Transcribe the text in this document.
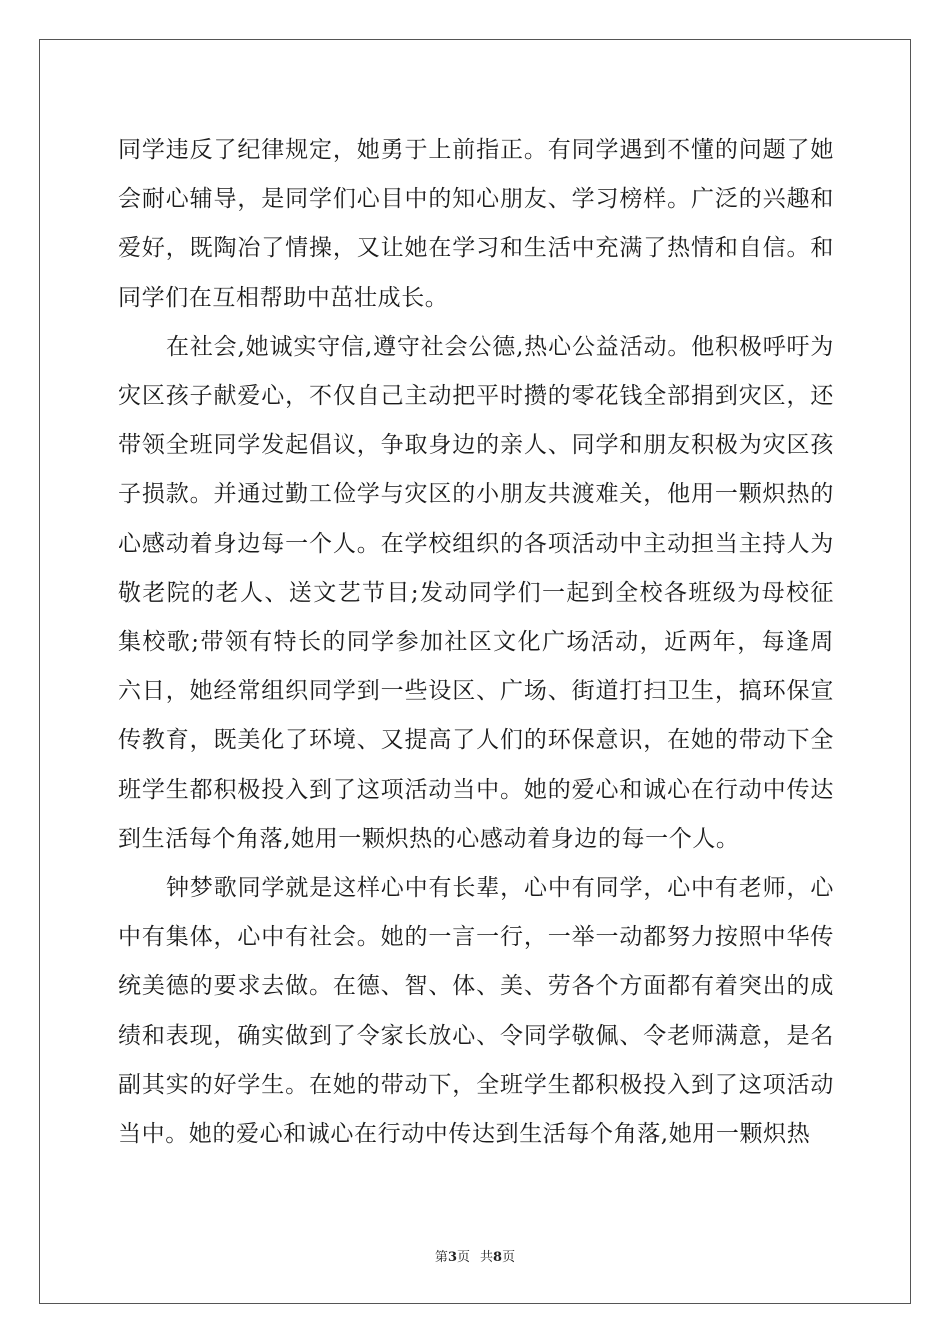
同学违反了纪律规定，她勇于上前指正。有同学遇到不懂的问题了她会耐心辅导，是同学们心目中的知心朋友、学习榜样。广泛的兴趣和爱好，既陶冶了情操，又让她在学习和生活中充满了热情和自信。和同学们在互相帮助中茁壮成长。

在社会,她诚实守信,遵守社会公德,热心公益活动。他积极呼吁为灾区孩子献爱心，不仅自己主动把平时攒的零花钱全部捐到灾区，还带领全班同学发起倡议，争取身边的亲人、同学和朋友积极为灾区孩子损款。并通过勤工俭学与灾区的小朋友共渡难关，他用一颗炽热的心感动着身边每一个人。在学校组织的各项活动中主动担当主持人为敬老院的老人、送文艺节目;发动同学们一起到全校各班级为母校征集校歌;带领有特长的同学参加社区文化广场活动，近两年，每逢周六日，她经常组织同学到一些设区、广场、街道打扫卫生，搞环保宣传教育，既美化了环境、又提高了人们的环保意识，在她的带动下全班学生都积极投入到了这项活动当中。她的爱心和诚心在行动中传达到生活每个角落,她用一颗炽热的心感动着身边的每一个人。

钟梦歌同学就是这样心中有长辈，心中有同学，心中有老师，心中有集体，心中有社会。她的一言一行，一举一动都努力按照中华传统美德的要求去做。在德、智、体、美、劳各个方面都有着突出的成绩和表现，确实做到了令家长放心、令同学敬佩、令老师满意，是名副其实的好学生。在她的带动下，全班学生都积极投入到了这项活动当中。她的爱心和诚心在行动中传达到生活每个角落,她用一颗炽热

第3页 共8页
